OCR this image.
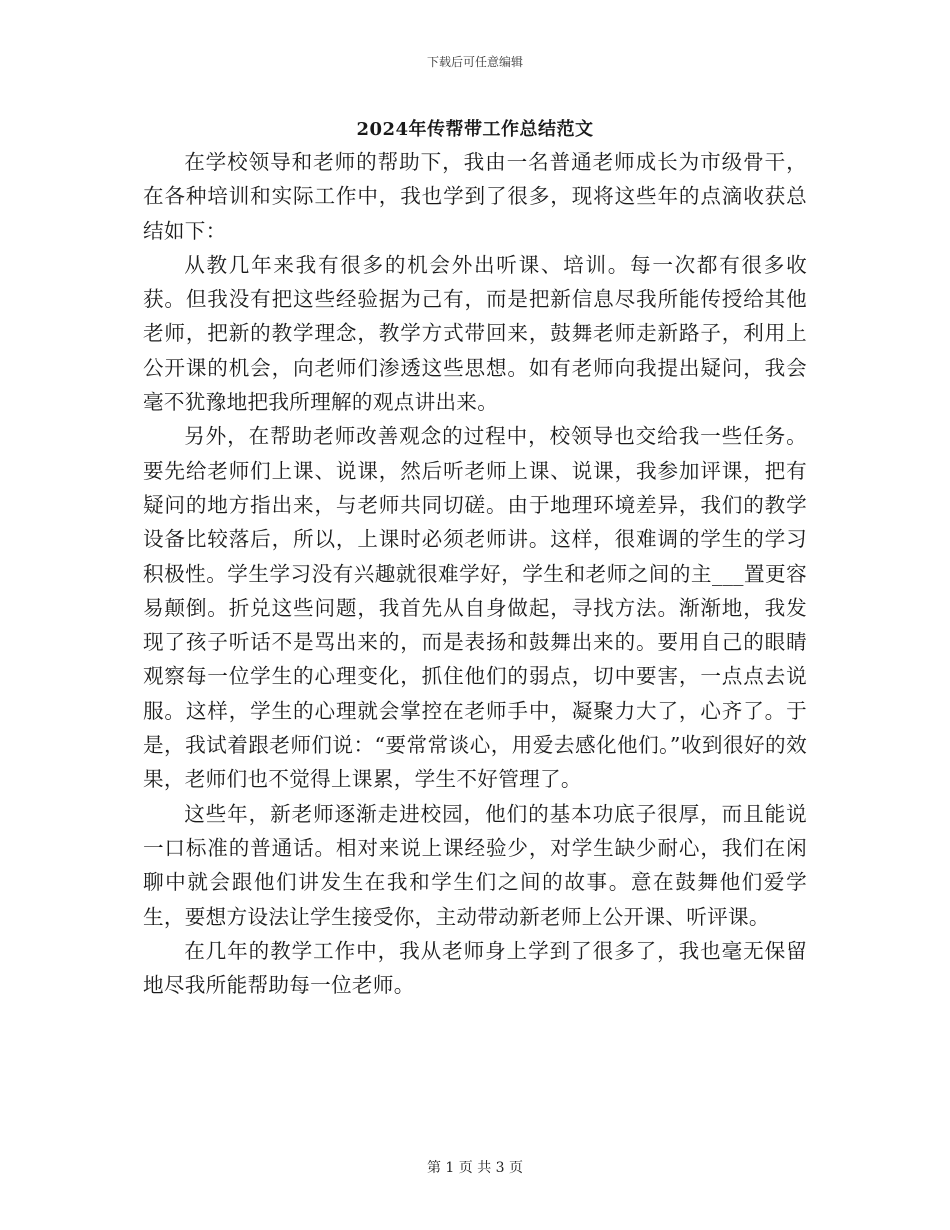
下载后可任意编辑
2024年传帮带工作总结范文

在学校领导和老师的帮助下，我由一名普通老师成长为市级骨干，在各种培训和实际工作中，我也学到了很多，现将这些年的点滴收获总结如下：

从教几年来我有很多的机会外出听课、培训。每一次都有很多收获。但我没有把这些经验据为己有，而是把新信息尽我所能传授给其他老师，把新的教学理念，教学方式带回来，鼓舞老师走新路子，利用上公开课的机会，向老师们渗透这些思想。如有老师向我提出疑问，我会毫不犹豫地把我所理解的观点讲出来。

另外，在帮助老师改善观念的过程中，校领导也交给我一些任务。要先给老师们上课、说课，然后听老师上课、说课，我参加评课，把有疑问的地方指出来，与老师共同切磋。由于地理环境差异，我们的教学设备比较落后，所以，上课时必须老师讲。这样，很难调的学生的学习积极性。学生学习没有兴趣就很难学好，学生和老师之间的主___置更容易颠倒。折兑这些问题，我首先从自身做起，寻找方法。渐渐地，我发现了孩子听话不是骂出来的，而是表扬和鼓舞出来的。要用自己的眼睛观察每一位学生的心理变化，抓住他们的弱点，切中要害，一点点去说服。这样，学生的心理就会掌控在老师手中，凝聚力大了，心齐了。于是，我试着跟老师们说：“要常常谈心，用爱去感化他们。”收到很好的效果，老师们也不觉得上课累，学生不好管理了。

这些年，新老师逐渐走进校园，他们的基本功底子很厚，而且能说一口标准的普通话。相对来说上课经验少，对学生缺少耐心，我们在闲聊中就会跟他们讲发生在我和学生们之间的故事。意在鼓舞他们爱学生，要想方设法让学生接受你，主动带动新老师上公开课、听评课。

在几年的教学工作中，我从老师身上学到了很多了，我也毫无保留地尽我所能帮助每一位老师。

第 1 页 共 3 页
